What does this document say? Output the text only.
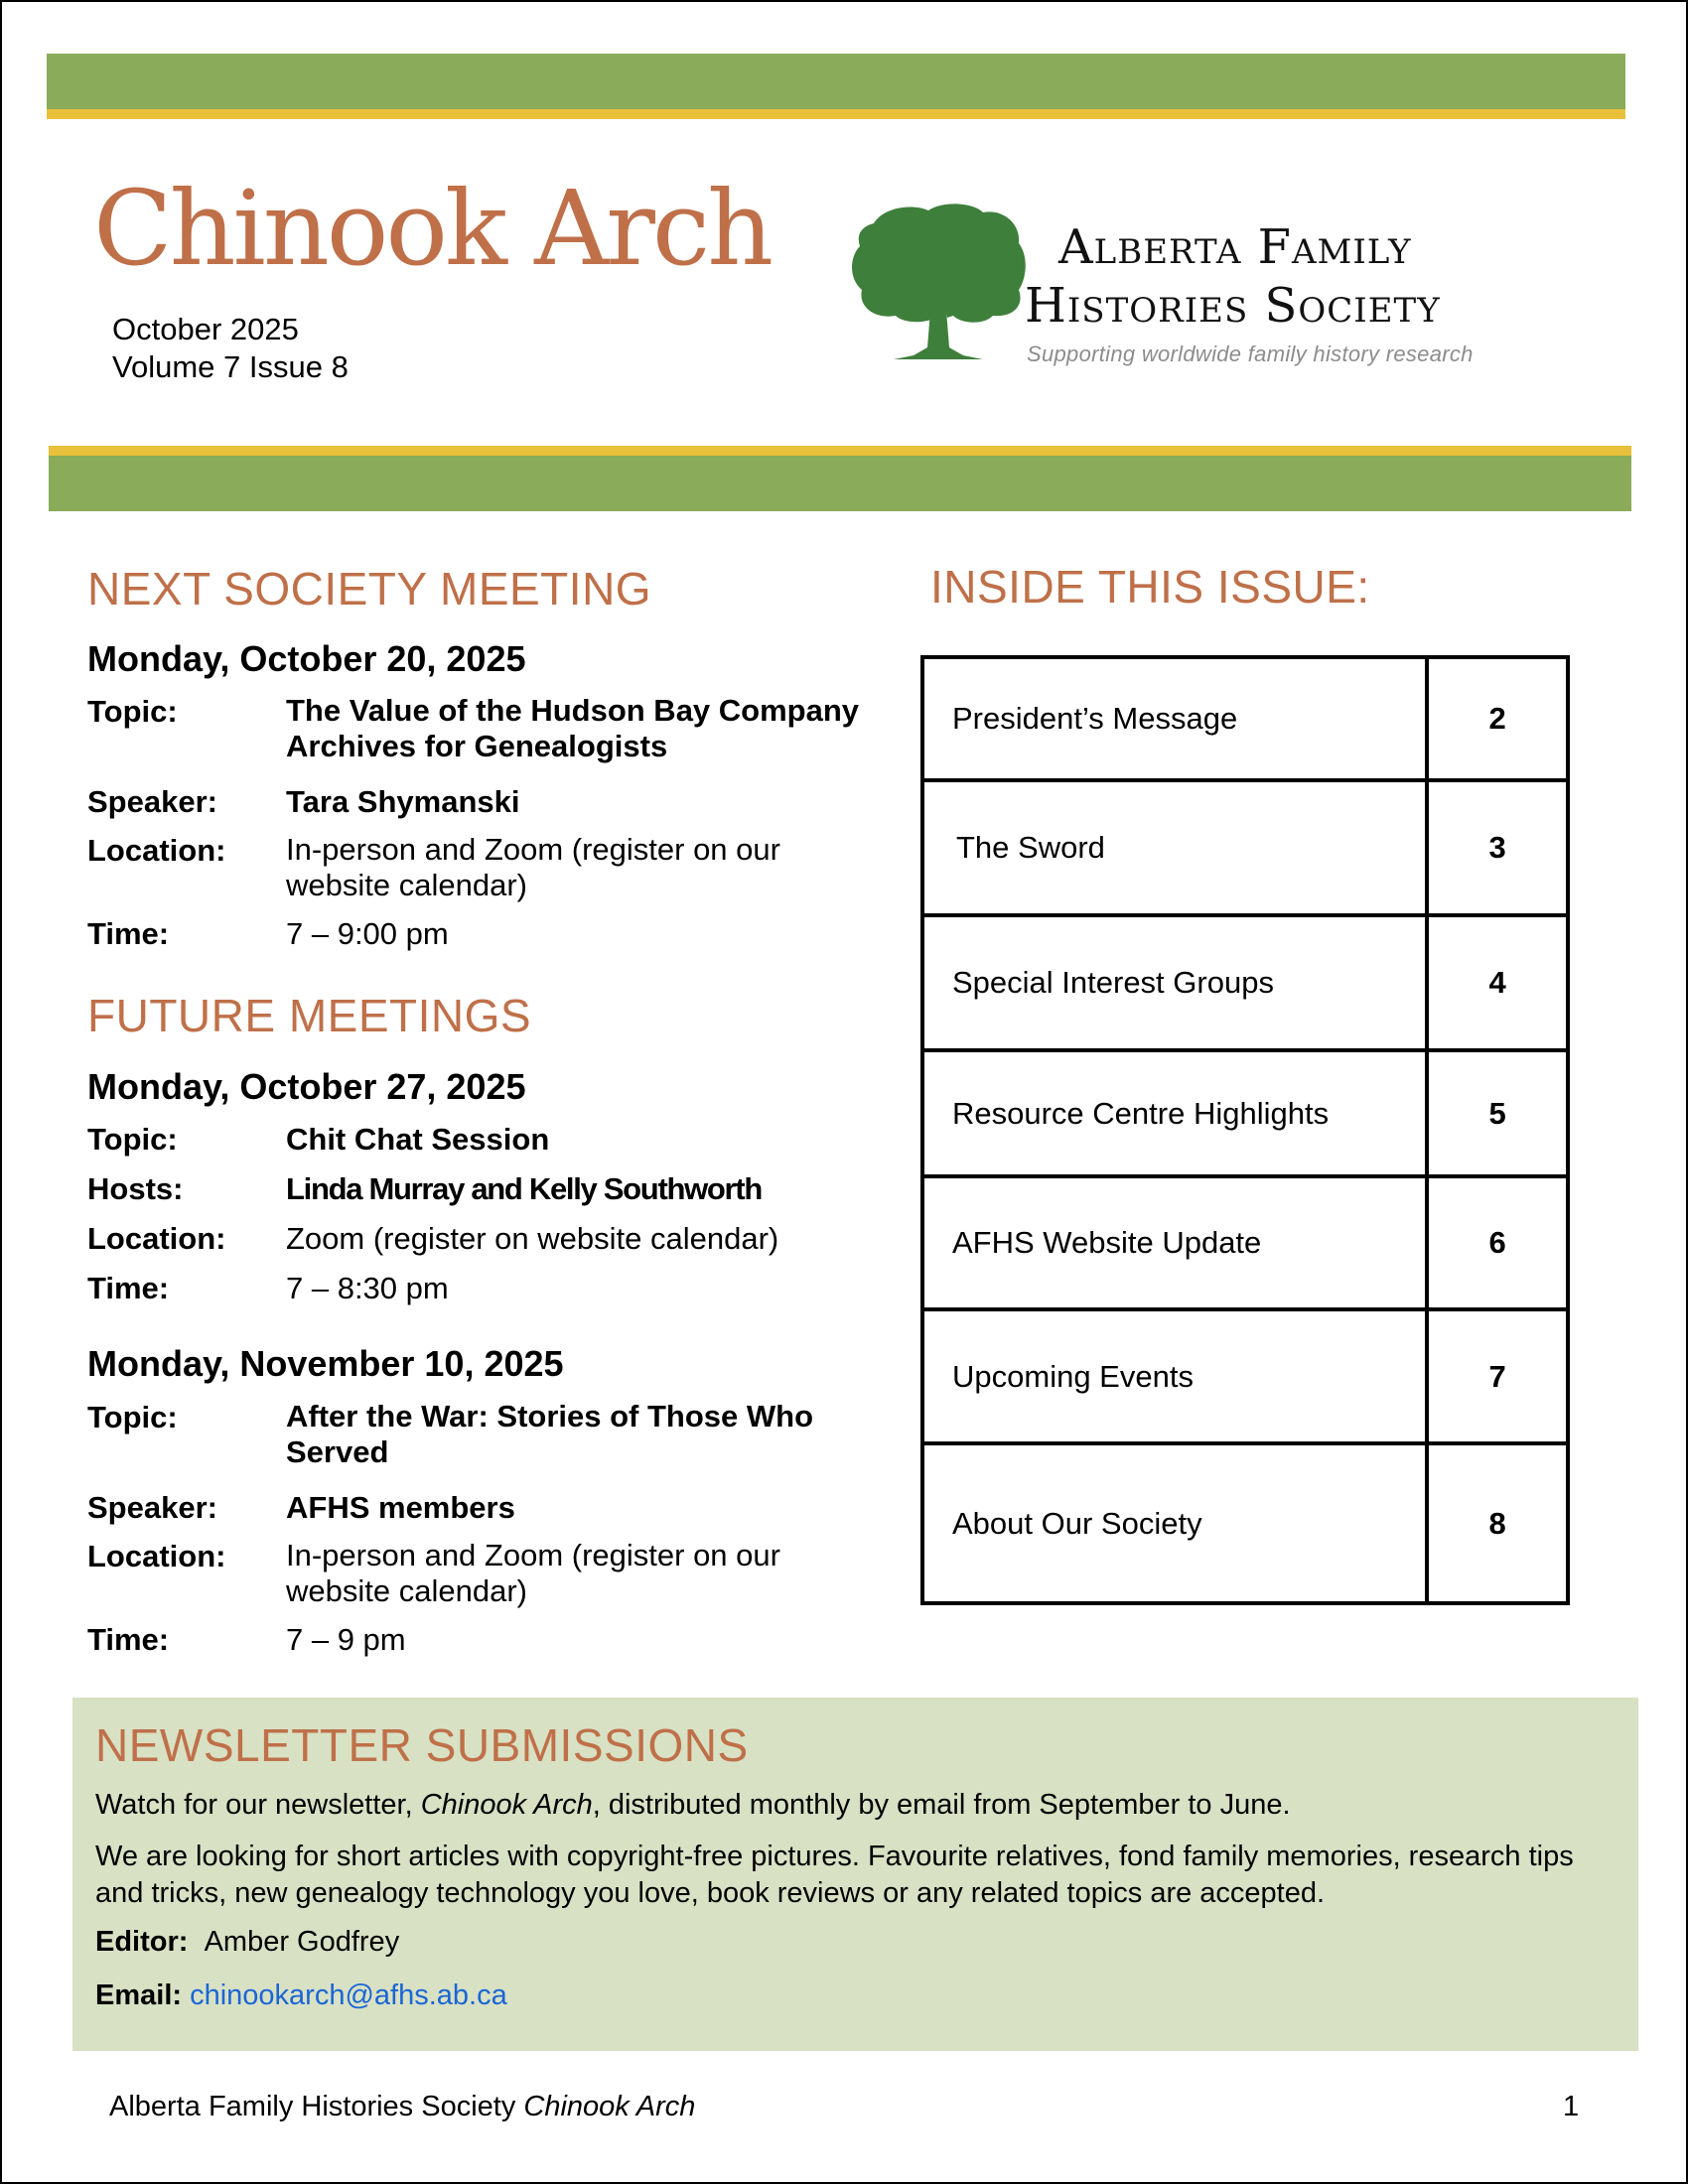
Chinook Arch
October 2025
Volume 7 Issue 8
Alberta Family
Histories Society
Supporting worldwide family history research
NEXT SOCIETY MEETING
Monday, October 20, 2025
Topic:	The Value of the Hudson Bay Company Archives for Genealogists
Speaker: Tara Shymanski
Location: In-person and Zoom (register on our website calendar)
Time:	7 – 9:00 pm
FUTURE MEETINGS
Monday, October 27, 2025
Topic:	Chit Chat Session
Hosts:	Linda Murray and Kelly Southworth
Location: Zoom (register on website calendar)
Time:	7 – 8:30 pm
Monday, November 10, 2025
Topic:	After the War: Stories of Those Who Served
Speaker: AFHS members
Location: In-person and Zoom (register on our website calendar)
Time:	7 – 9 pm
INSIDE THIS ISSUE:
President’s Message	2
The Sword	3
Special Interest Groups	4
Resource Centre Highlights	5
AFHS Website Update	6
Upcoming Events	7
About Our Society	8
NEWSLETTER SUBMISSIONS
Watch for our newsletter, Chinook Arch, distributed monthly by email from September to June.
We are looking for short articles with copyright-free pictures. Favourite relatives, fond family memories, research tips and tricks, new genealogy technology you love, book reviews or any related topics are accepted.
Editor: Amber Godfrey
Email: chinookarch@afhs.ab.ca
Alberta Family Histories Society Chinook Arch	1
